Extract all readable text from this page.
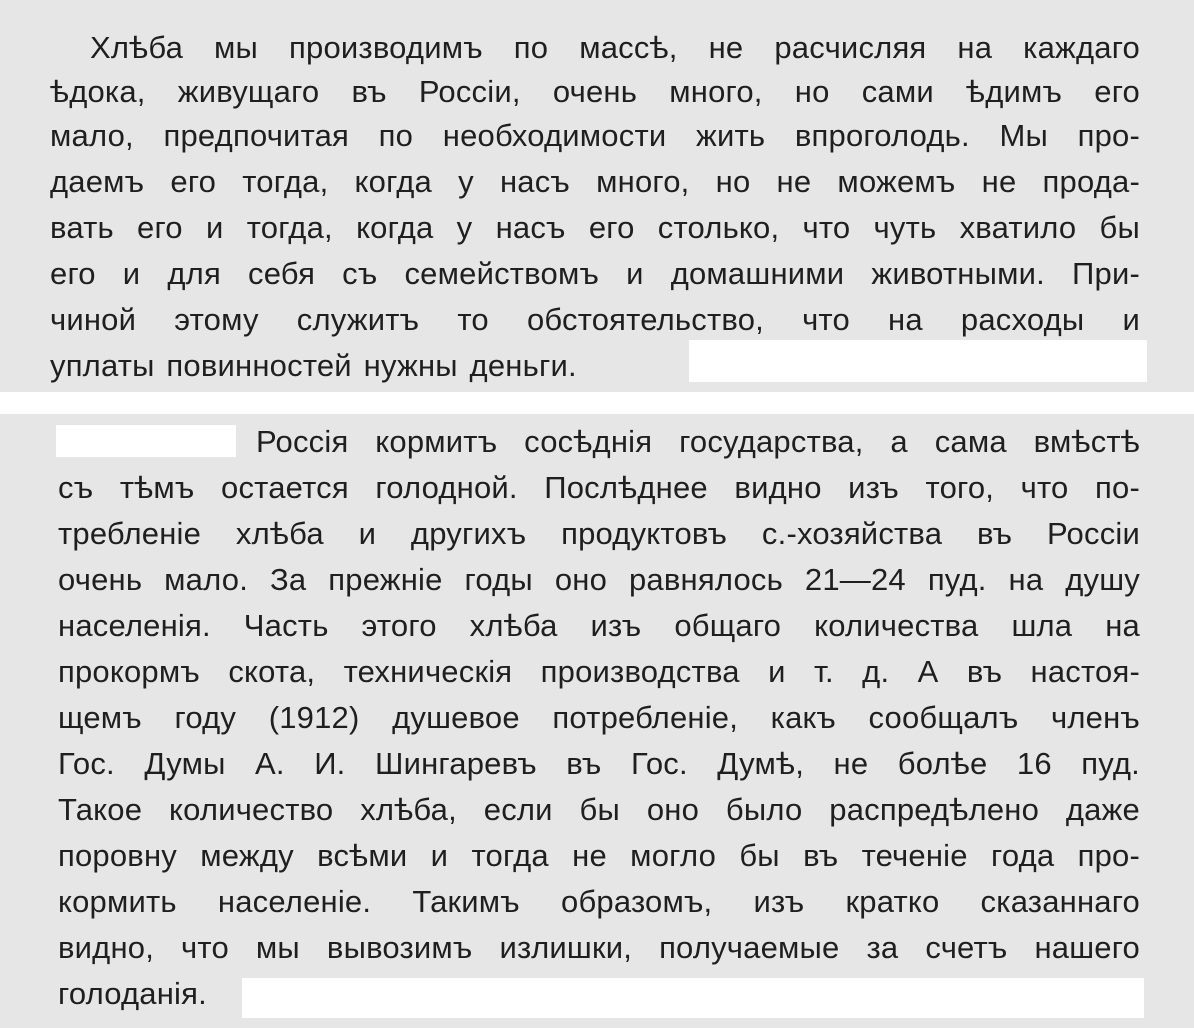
Хлѣба мы производимъ по массѣ, не расчисляя на каждаго
ѣдока, живущаго въ Россіи, очень много, но сами ѣдимъ его
мало, предпочитая по необходимости жить впроголодь. Мы про-
даемъ его тогда, когда у насъ много, но не можемъ не прода-
вать его и тогда, когда у насъ его столько, что чуть хватило бы
его и для себя съ семействомъ и домашними животными. При-
чиной этому служитъ то обстоятельство, что на расходы и
уплаты повинностей нужны деньги.
Россія кормитъ сосѣднія государства, а сама вмѣстѣ
съ тѣмъ остается голодной. Послѣднее видно изъ того, что по-
требленіе хлѣба и другихъ продуктовъ с.-хозяйства въ Россіи
очень мало. За прежніе годы оно равнялось 21—24 пуд. на душу
населенія. Часть этого хлѣба изъ общаго количества шла на
прокормъ скота, техническія производства и т. д. А въ настоя-
щемъ году (1912) душевое потребленіе, какъ сообщалъ членъ
Гос. Думы А. И. Шингаревъ въ Гос. Думѣ, не болѣе 16 пуд.
Такое количество хлѣба, если бы оно было распредѣлено даже
поровну между всѣми и тогда не могло бы въ теченіе года про-
кормить населеніе. Такимъ образомъ, изъ кратко сказаннаго
видно, что мы вывозимъ излишки, получаемые за счетъ нашего
голоданія.
